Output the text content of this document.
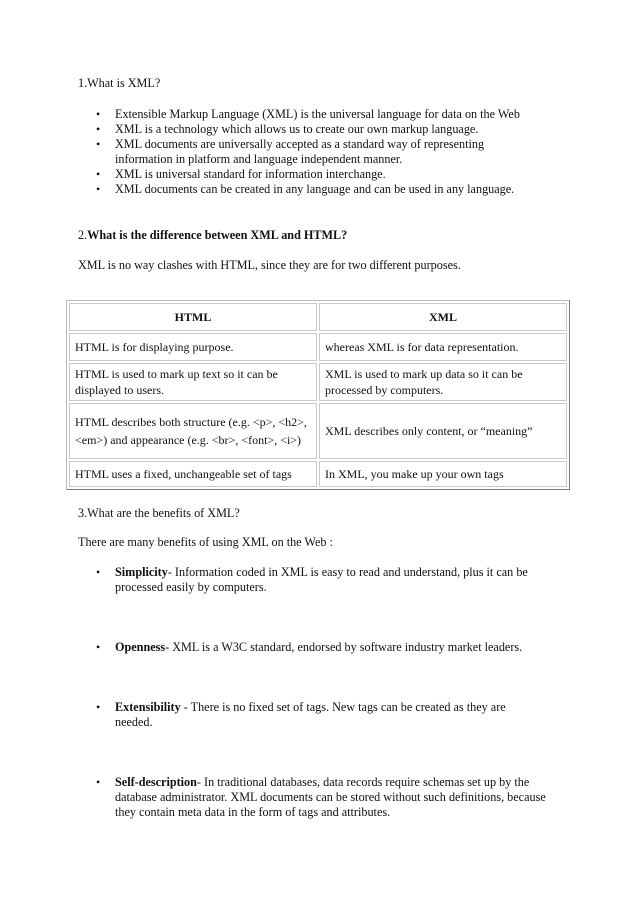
1.What is XML?

• Extensible Markup Language (XML) is the universal language for data on the Web
• XML is a technology which allows us to create our own markup language.
• XML documents are universally accepted as a standard way of representing information in platform and language independent manner.
• XML is universal standard for information interchange.
• XML documents can be created in any language and can be used in any language.

2.What is the difference between XML and HTML?

XML is no way clashes with HTML, since they are for two different purposes.

HTML	XML
HTML is for displaying purpose.	whereas XML is for data representation.
HTML is used to mark up text so it can be displayed to users.	XML is used to mark up data so it can be processed by computers.
HTML describes both structure (e.g. <p>, <h2>, <em>) and appearance (e.g. <br>, <font>, <i>)	XML describes only content, or “meaning”
HTML uses a fixed, unchangeable set of tags	In XML, you make up your own tags

3.What are the benefits of XML?

There are many benefits of using XML on the Web :

• Simplicity- Information coded in XML is easy to read and understand, plus it can be processed easily by computers.
• Openness- XML is a W3C standard, endorsed by software industry market leaders.
• Extensibility - There is no fixed set of tags. New tags can be created as they are needed.
• Self-description- In traditional databases, data records require schemas set up by the database administrator. XML documents can be stored without such definitions, because they contain meta data in the form of tags and attributes.
